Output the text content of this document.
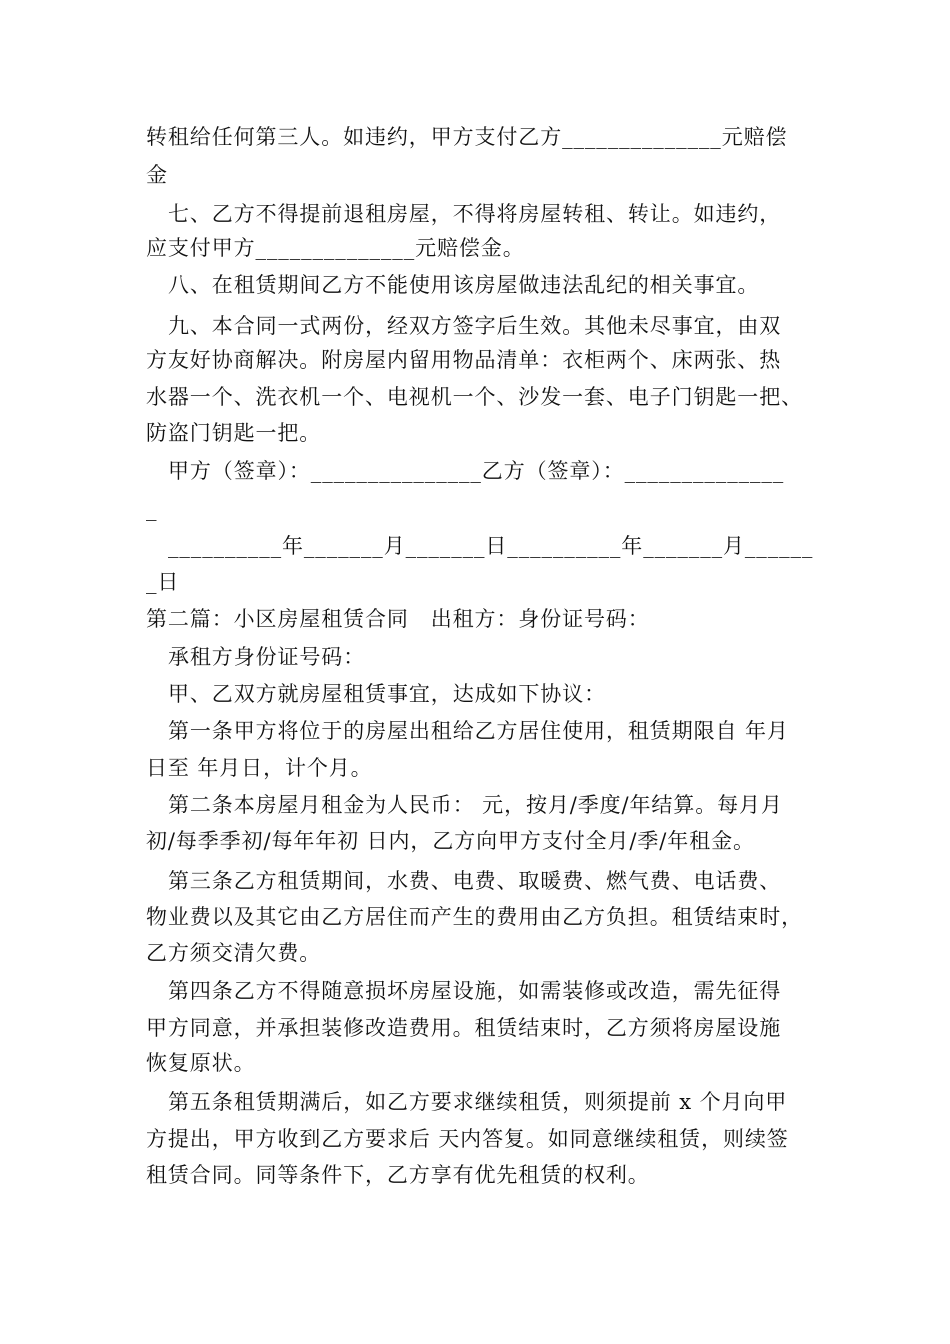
转租给任何第三人。如违约，甲方支付乙方______________元赔偿
金
七、乙方不得提前退租房屋，不得将房屋转租、转让。如违约，
应支付甲方______________元赔偿金。
八、在租赁期间乙方不能使用该房屋做违法乱纪的相关事宜。
九、本合同一式两份，经双方签字后生效。其他未尽事宜，由双
方友好协商解决。附房屋内留用物品清单：衣柜两个、床两张、热
水器一个、洗衣机一个、电视机一个、沙发一套、电子门钥匙一把、
防盗门钥匙一把。
甲方（签章）：_______________乙方（签章）：______________
_
__________年_______月_______日__________年_______月______
_日
第二篇：小区房屋租赁合同　出租方：身份证号码：
承租方身份证号码：
甲、乙双方就房屋租赁事宜，达成如下协议：
第一条甲方将位于的房屋出租给乙方居住使用，租赁期限自 年月
日至 年月日，计个月。
第二条本房屋月租金为人民币： 元，按月/季度/年结算。每月月
初/每季季初/每年年初 日内，乙方向甲方支付全月/季/年租金。
第三条乙方租赁期间，水费、电费、取暖费、燃气费、电话费、
物业费以及其它由乙方居住而产生的费用由乙方负担。租赁结束时，
乙方须交清欠费。
第四条乙方不得随意损坏房屋设施，如需装修或改造，需先征得
甲方同意，并承担装修改造费用。租赁结束时，乙方须将房屋设施
恢复原状。
第五条租赁期满后，如乙方要求继续租赁，则须提前 x 个月向甲
方提出，甲方收到乙方要求后 天内答复。如同意继续租赁，则续签
租赁合同。同等条件下，乙方享有优先租赁的权利。
